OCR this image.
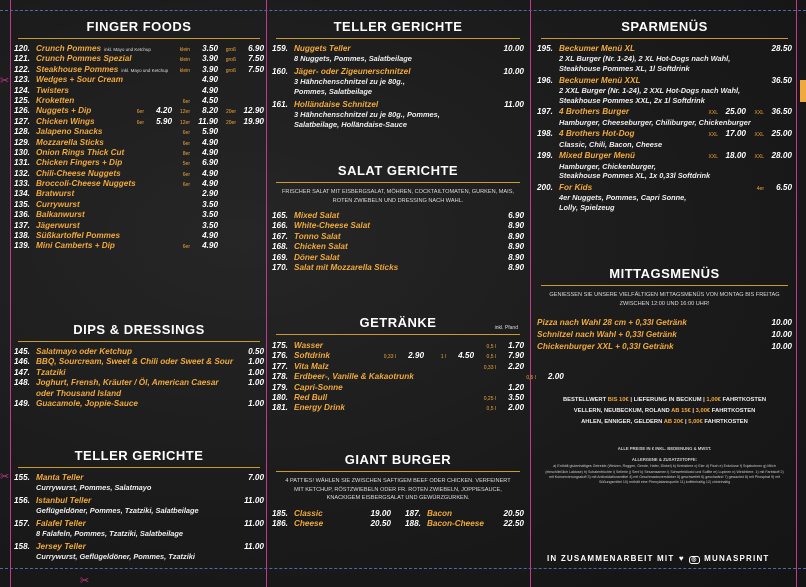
✂
✂
✂
FINGER FOODS
120. Crunch Pommes inkl. Mayo und Ketchup	klein	3.50	groß	6.90
121. Crunch Pommes Spezial	klein	3.90	groß	7.50
122. Steakhouse Pommes inkl. Mayo und Ketchup	klein	3.90	groß	7.50
123. Wedges + Sour Cream	4.90
124. Twisters	4.90
125. Kroketten	6er	4.50
126. Nuggets + Dip	6er	4.20	12er	8.20	20er 12.90
127. Chicken Wings	6er	5.90	12er 11.90	20er 19.90
128. Jalapeno Snacks	6er	5.90
129. Mozzarella Sticks	6er	4.90
130. Onion Rings Thick Cut	8er	4.90
131. Chicken Fingers + Dip	5er	6.90
132. Chili-Cheese Nuggets	6er	4.90
133. Broccoli-Cheese Nuggets	6er	4.90
134. Bratwurst	2.90
135. Currywurst	3.50
136. Balkanwurst	3.50
137. Jägerwurst	3.50
138. Süßkartoffel Pommes	4.90
139. Mini Camberts + Dip	6er	4.90
DIPS & DRESSINGS
145. Salatmayo oder Ketchup	0.50
146. BBQ, Sourcream, Sweet & Chili oder Sweet & Sour	1.00
147. Tzatziki	1.00
148. Joghurt, Frensh, Kräuter / Öl, American Caesar	1.00
oder Thousand Island
149. Guacamole, Joppie-Sauce	1.00
TELLER GERICHTE
155. Manta Teller	7.00
Currywurst, Pommes, Salatmayo
156. Istanbul Teller	11.00
Geflügeldöner, Pommes, Tzatziki, Salatbeilage
157. Falafel Teller	11.00
8 Falafeln, Pommes, Tzatziki, Salatbeilage
158. Jersey Teller	11.00
Currywurst, Geflügeldöner, Pommes, Tzatziki
TELLER GERICHTE
159. Nuggets Teller	10.00
8 Nuggets, Pommes, Salatbeilage
160. Jäger- oder Zigeunerschnitzel	10.00
3 Hähnchenschnitzel zu je 80g.,
Pommes, Salatbeilage
161. Holländaise Schnitzel	11.00
3 Hähnchenschnitzel zu je 80g., Pommes,
Salatbeilage, Holländaise-Sauce
SALAT GERICHTE
FRISCHER SALAT MIT EISBERGSALAT, MÖHREN, COCKTAILTOMATEN, GURKEN, MAIS, ROTEN ZWIEBELN UND DRESSING NACH WAHL.
165. Mixed Salat	6.90
166. White-Cheese Salat	8.90
167. Tonno Salat	8.90
168. Chicken Salat	8.90
169. Döner Salat	8.90
170. Salat mit Mozzarella Sticks	8.90
GETRÄNKE	inkl. Pfand
175. Wasser	0,5 l	1.70
176. Softdrink	0,33 l	2.90	1 l	4.50	0,5 l	7.90
177. Vita Malz	0,33 l	2.20
178. Erdbeer-, Vanille & Kakaotrunk	0,5 l	2.00
179. Capri-Sonne	1.20
180. Red Bull	0,25 l	3.50
181. Energy Drink	0,5 l	2.00
GIANT BURGER
4 PATTIES! WÄHLEN SIE ZWISCHEN SAFTIGEM BEEF ODER CHICKEN. VERFEINERT MIT KETCHUP, RÖSTZWIEBELN ODER FR. ROTEN ZWIEBELN, JOPPIESAUCE, KNACKIGEM EISBERGSALAT UND GEWÜRZGURKEN.
185. Classic	19.00 187. Bacon	20.50
186. Cheese	20.50 188. Bacon-Cheese	22.50
SPARMENÜS
195. Beckumer Menü XL	28.50
2 XL Burger (Nr. 1-24), 2 XL Hot-Dogs nach Wahl,
Steakhouse Pommes XL, 1l Softdrink
196. Beckumer Menü XXL	36.50
2 XXL Burger (Nr. 1-24), 2 XXL Hot-Dogs nach Wahl,
Steakhouse Pommes XXL, 2x 1l Softdrink
197. 4 Brothers Burger	XXL 25.00	XXL 36.50
Hamburger, Cheeseburger, Chiliburger, Chickenburger
198. 4 Brothers Hot-Dog	XXL 17.00	XXL 25.00
Classic, Chili, Bacon, Cheese
199. Mixed Burger Menü	XXL 18.00	XXL 28.00
Hamburger, Chickenburger,
Steakhouse Pommes XL, 1x 0,33l Softdrink
200. For Kids	4er	6.50
4er Nuggets, Pommes, Capri Sonne,
Lolly, Spielzeug
MITTAGSMENÜS
GENIESSEN SIE UNSERE VIELFÄLTIGEN MITTAGSMENÜS VON MONTAG BIS FREITAG ZWISCHEN 12:00 UND 16:00 UHR!
Pizza nach Wahl 28 cm + 0,33l Getränk	10.00
Schnitzel nach Wahl + 0,33l Getränk	10.00
Chickenburger XXL + 0,33l Getränk	10.00
BESTELLWERT BIS 10€ | LIEFERUNG IN BECKUM | 1,00€ FAHRTKOSTEN
VELLERN, NEUBECKUM, ROLAND AB 15€ | 3,00€ FAHRTKOSTEN
AHLEN, ENNIGER, GELDERN AB 20€ | 5,00€ FAHRTKOSTEN
ALLE PREISE IN € INKL. BEDIENUNG & MWST.
ALLERGENE & ZUSATZSTOFFE:
a) Enthält glutenhaltiges Getreide (Weizen, Roggen, Gerste, Hafer, Dinkel) b) Krebstiere c) Eier d) Fisch e) Erdnüsse f) Sojabohnen g) Milch (einschließlich Laktose) h) Schalenfrüchte i) Sellerie j) Senf k) Sesamsamen l) Schwefeldioxid und Sulfite m) Lupinen n) Weichtiere. 1) mit Farbstoff 2) mit Konservierungsstoff 3) mit Antioxidationsmittel 4) mit Geschmacksverstärker 5) geschwefelt 6) geschwärzt 7) gewachst 8) mit Phosphat 9) mit Süßungsmittel 10) enthält eine Phenylalaninquelle 11) koffeinhaltig 12) chininhaltig
IN ZUSAMMENARBEIT MIT ♥ ◎ MUNASPRINT
